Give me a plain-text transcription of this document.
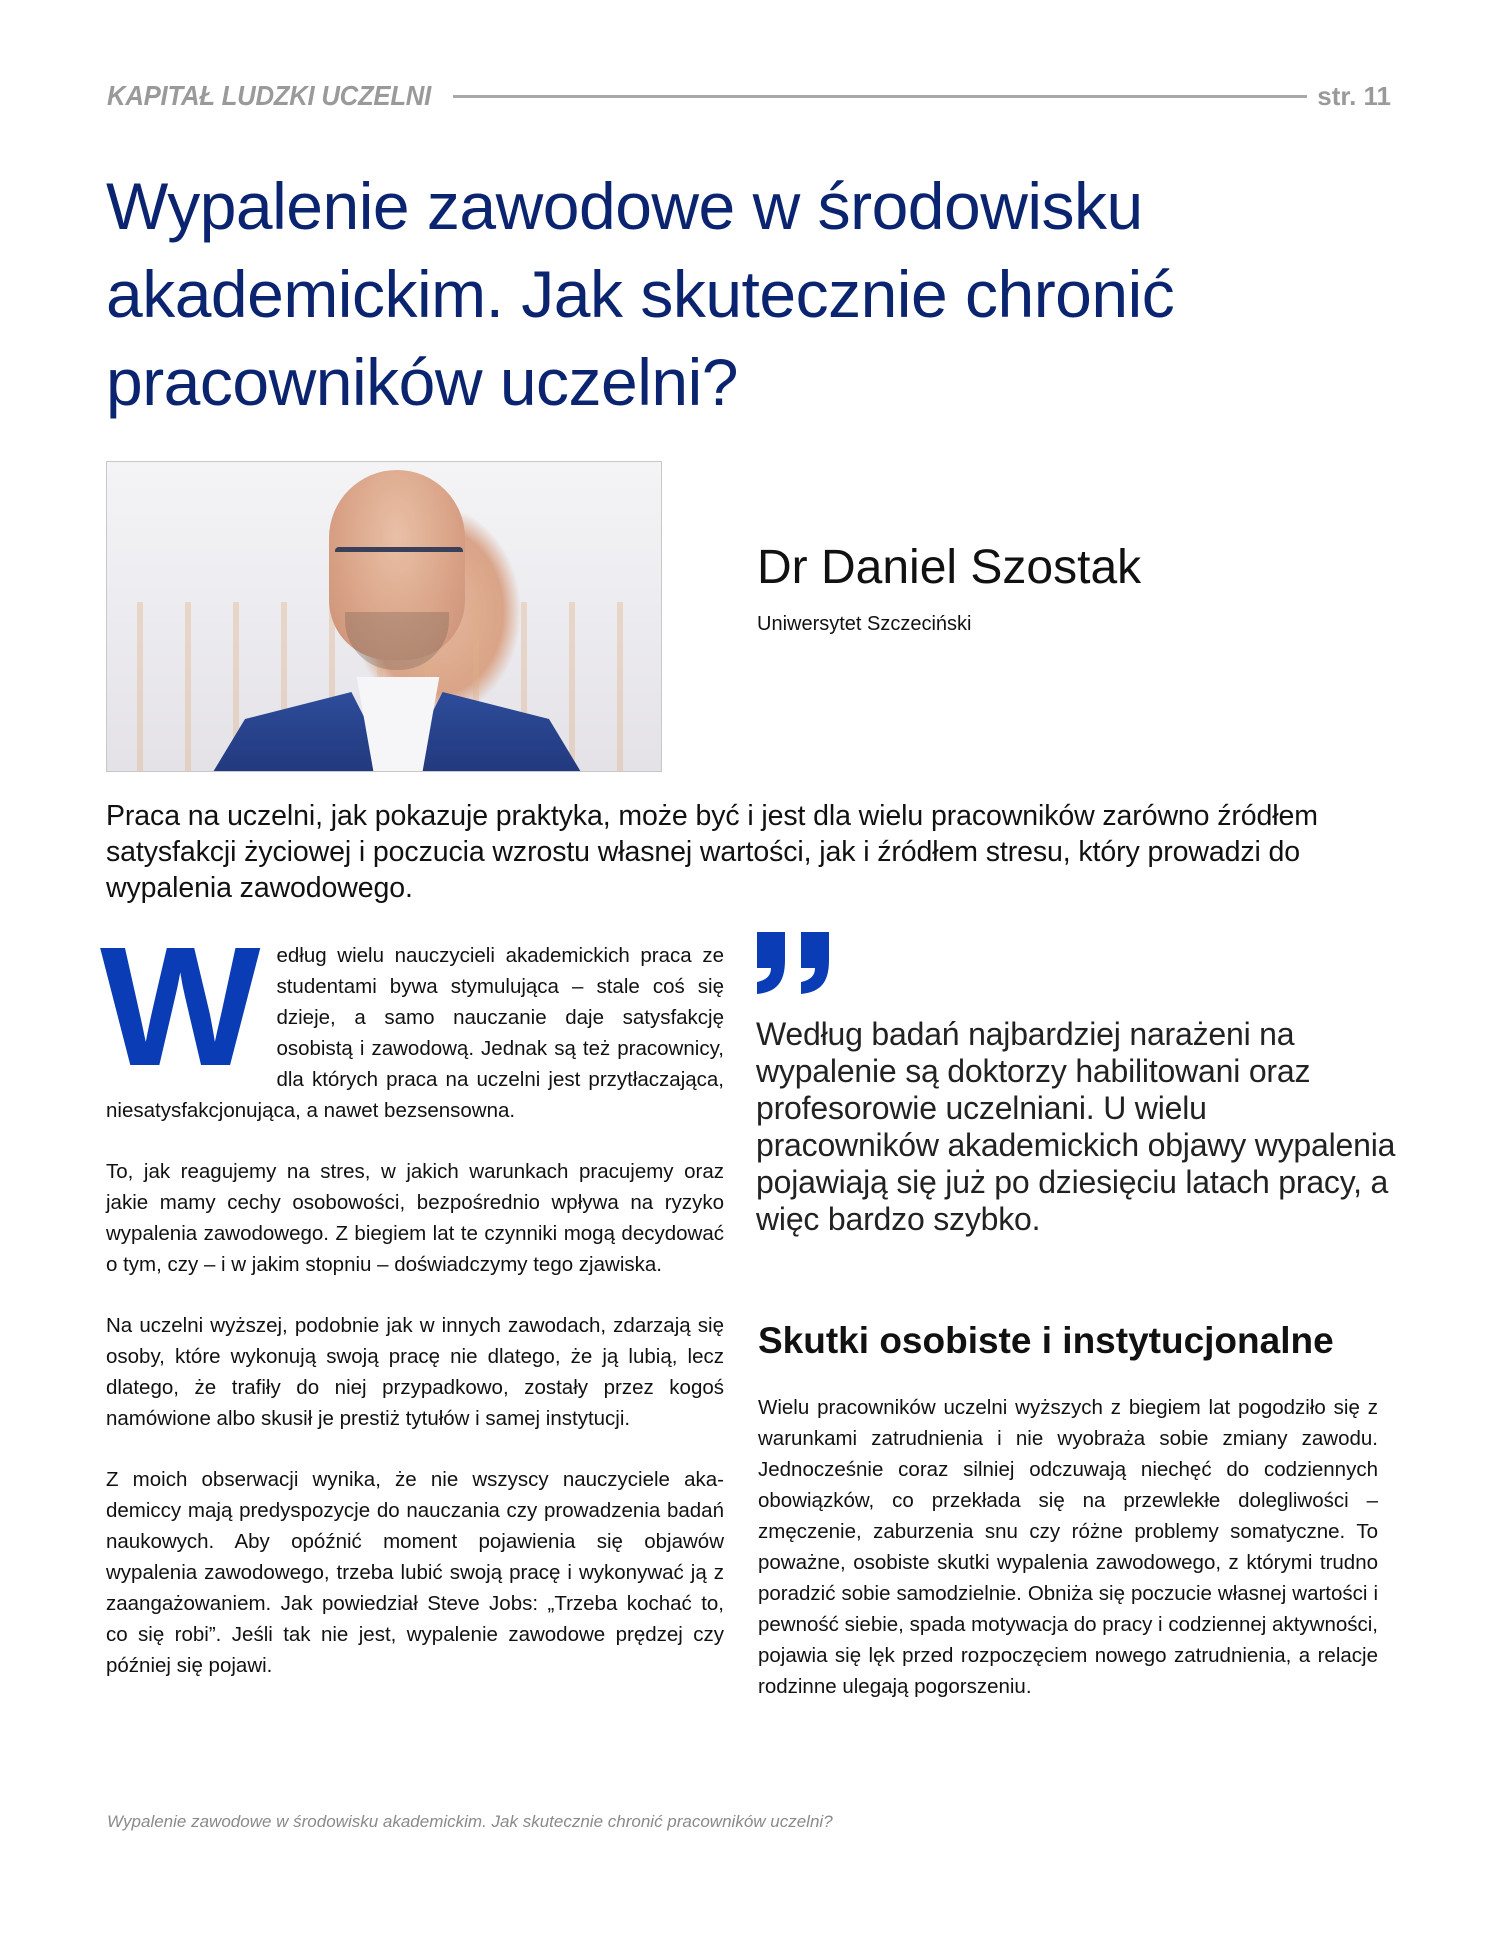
KAPITAŁ LUDZKI UCZELNI	str. 11
Wypalenie zawodowe w środowisku akademickim. Jak skutecznie chronić pracowników uczelni?
Dr Daniel Szostak
Uniwersytet Szczeciński

Praca na uczelni, jak pokazuje praktyka, może być i jest dla wielu pracowników zarówno źródłem satysfakcji życiowej i poczucia wzrostu własnej wartości, jak i źródłem stresu, który prowadzi do wypalenia zawodowego.

W edług wielu nauczycieli akademickich praca ze studentami bywa stymulująca – stale coś się dzieje, a samo nauczanie daje satysfakcję osobistą i zawodową. Jednak są też pracownicy, dla których praca na uczelni jest przytłaczająca, niesatysfakcjonująca, a nawet bezsensowna.

To, jak reagujemy na stres, w jakich warunkach pracujemy oraz jakie mamy cechy osobowości, bezpośrednio wpływa na ryzyko wypalenia zawodowego. Z biegiem lat te czynniki mogą decydować o tym, czy – i w jakim stopniu – doświadczymy tego zjawiska.

Na uczelni wyższej, podobnie jak w innych zawodach, zdarzają się osoby, które wykonują swoją pracę nie dlatego, że ją lubią, lecz dlatego, że trafiły do niej przypadkowo, zostały przez kogoś namówione albo skusił je prestiż tytułów i samej instytucji.

Z moich obserwacji wynika, że nie wszyscy nauczyciele akademiccy mają predyspozycje do nauczania czy prowadzenia badań naukowych. Aby opóźnić moment pojawienia się objawów wypalenia zawodowego, trzeba lubić swoją pracę i wykonywać ją z zaangażowaniem. Jak powiedział Steve Jobs: „Trzeba kochać to, co się robi”. Jeśli tak nie jest, wypalenie zawodowe prędzej czy później się pojawi.

Według badań najbardziej narażeni na wypalenie są doktorzy habilitowani oraz profesorowie uczelniani. U wielu pracowników akademickich objawy wypalenia pojawiają się już po dziesięciu latach pracy, a więc bardzo szybko.
Skutki osobiste i instytucjonalne

Wielu pracowników uczelni wyższych z biegiem lat pogodziło się z warunkami zatrudnienia i nie wyobraża sobie zmiany zawodu. Jednocześnie coraz silniej odczuwają niechęć do codziennych obowiązków, co przekłada się na przewlekłe dolegliwości – zmęczenie, zaburzenia snu czy różne problemy somatyczne. To poważne, osobiste skutki wypalenia zawodowego, z którymi trudno poradzić sobie samodzielnie. Obniża się poczucie własnej wartości i pewność siebie, spada motywacja do pracy i codziennej aktywności, pojawia się lęk przed rozpoczęciem nowego zatrudnienia, a relacje rodzinne ulegają pogorszeniu.

Wypalenie zawodowe w środowisku akademickim. Jak skutecznie chronić pracowników uczelni?
